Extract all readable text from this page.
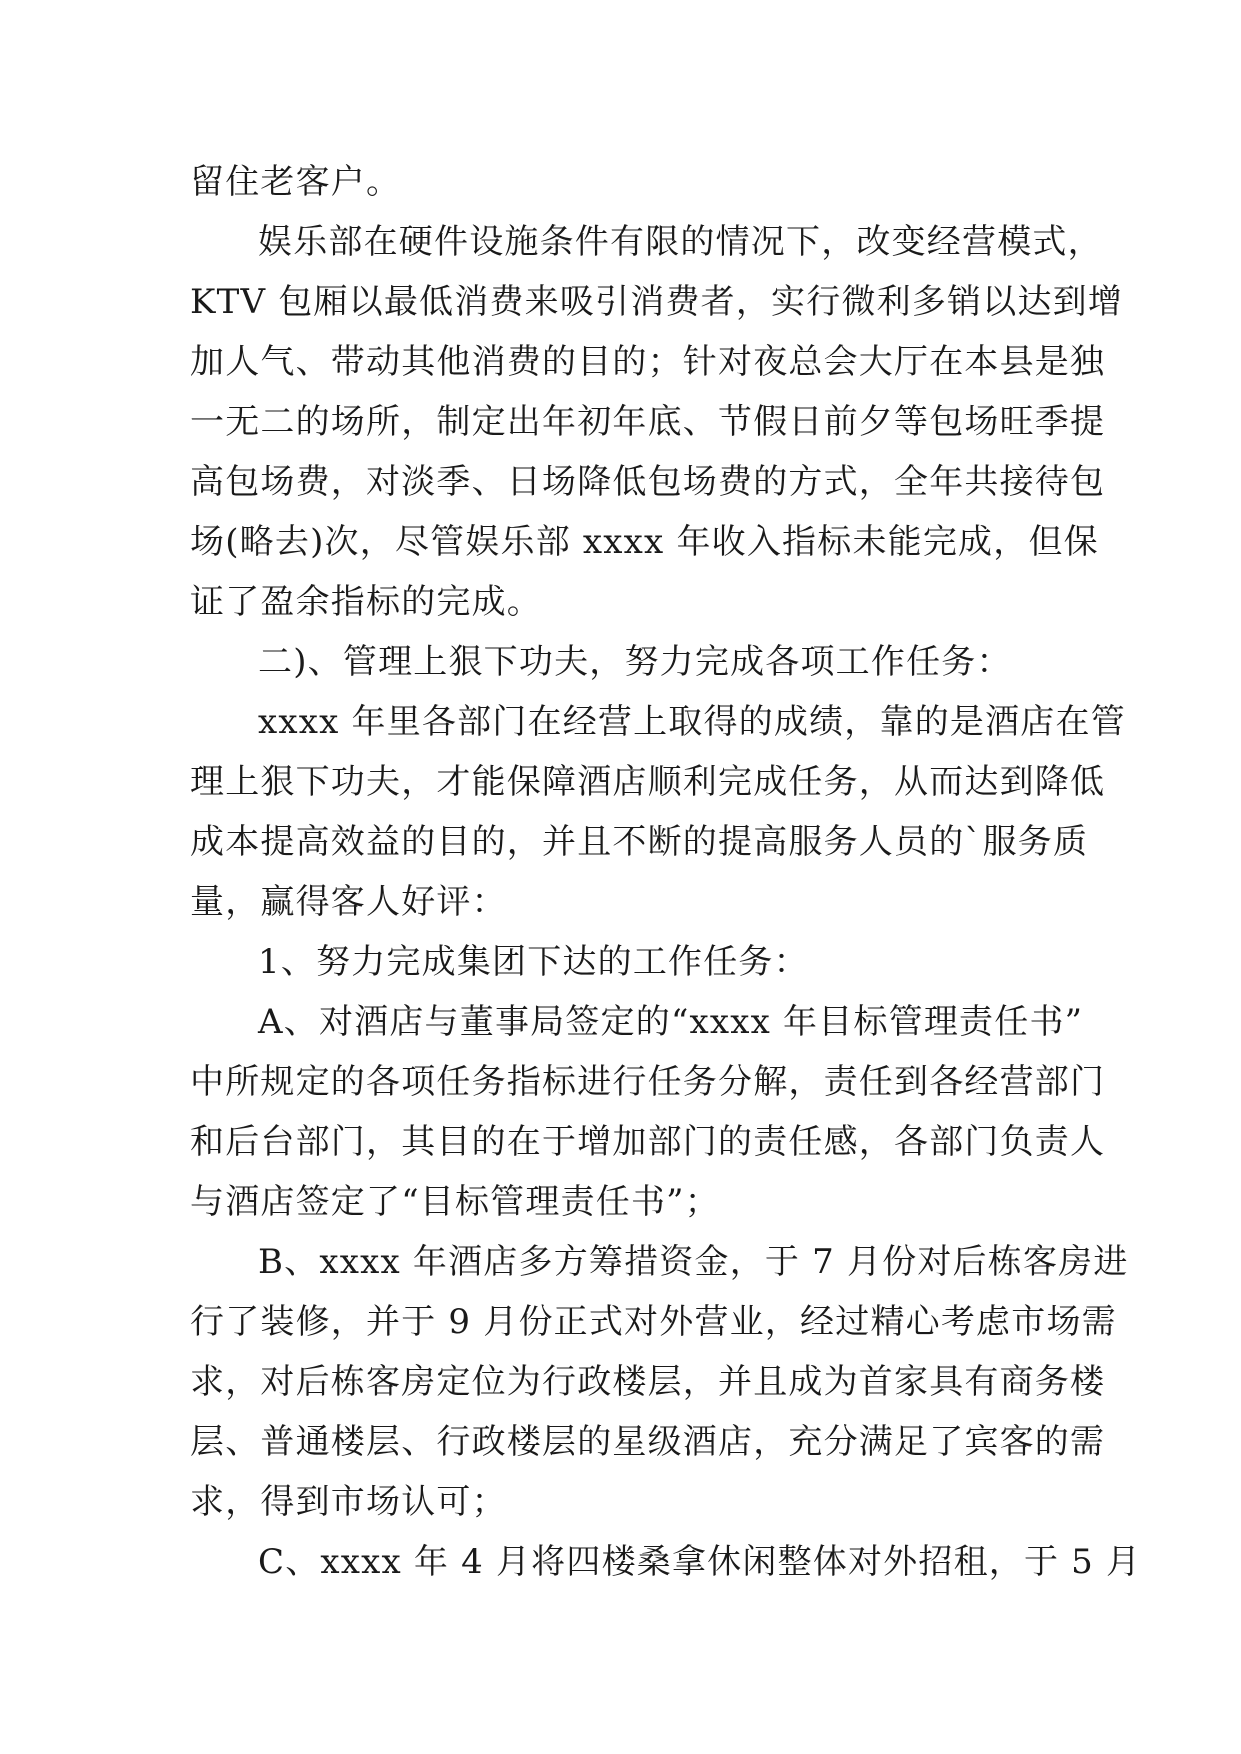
留住老客户。
娱乐部在硬件设施条件有限的情况下，改变经营模式，
KTV 包厢以最低消费来吸引消费者，实行微利多销以达到增
加人气、带动其他消费的目的；针对夜总会大厅在本县是独
一无二的场所，制定出年初年底、节假日前夕等包场旺季提
高包场费，对淡季、日场降低包场费的方式，全年共接待包
场(略去)次，尽管娱乐部 xxxx 年收入指标未能完成，但保
证了盈余指标的完成。
二)、管理上狠下功夫，努力完成各项工作任务：
xxxx 年里各部门在经营上取得的成绩，靠的是酒店在管
理上狠下功夫，才能保障酒店顺利完成任务，从而达到降低
成本提高效益的目的，并且不断的提高服务人员的`服务质
量，赢得客人好评：
1、努力完成集团下达的工作任务：
A、对酒店与董事局签定的“xxxx 年目标管理责任书”
中所规定的各项任务指标进行任务分解，责任到各经营部门
和后台部门，其目的在于增加部门的责任感，各部门负责人
与酒店签定了“目标管理责任书”；
B、xxxx 年酒店多方筹措资金，于 7 月份对后栋客房进
行了装修，并于 9 月份正式对外营业，经过精心考虑市场需
求，对后栋客房定位为行政楼层，并且成为首家具有商务楼
层、普通楼层、行政楼层的星级酒店，充分满足了宾客的需
求，得到市场认可；
C、xxxx 年 4 月将四楼桑拿休闲整体对外招租，于 5 月
